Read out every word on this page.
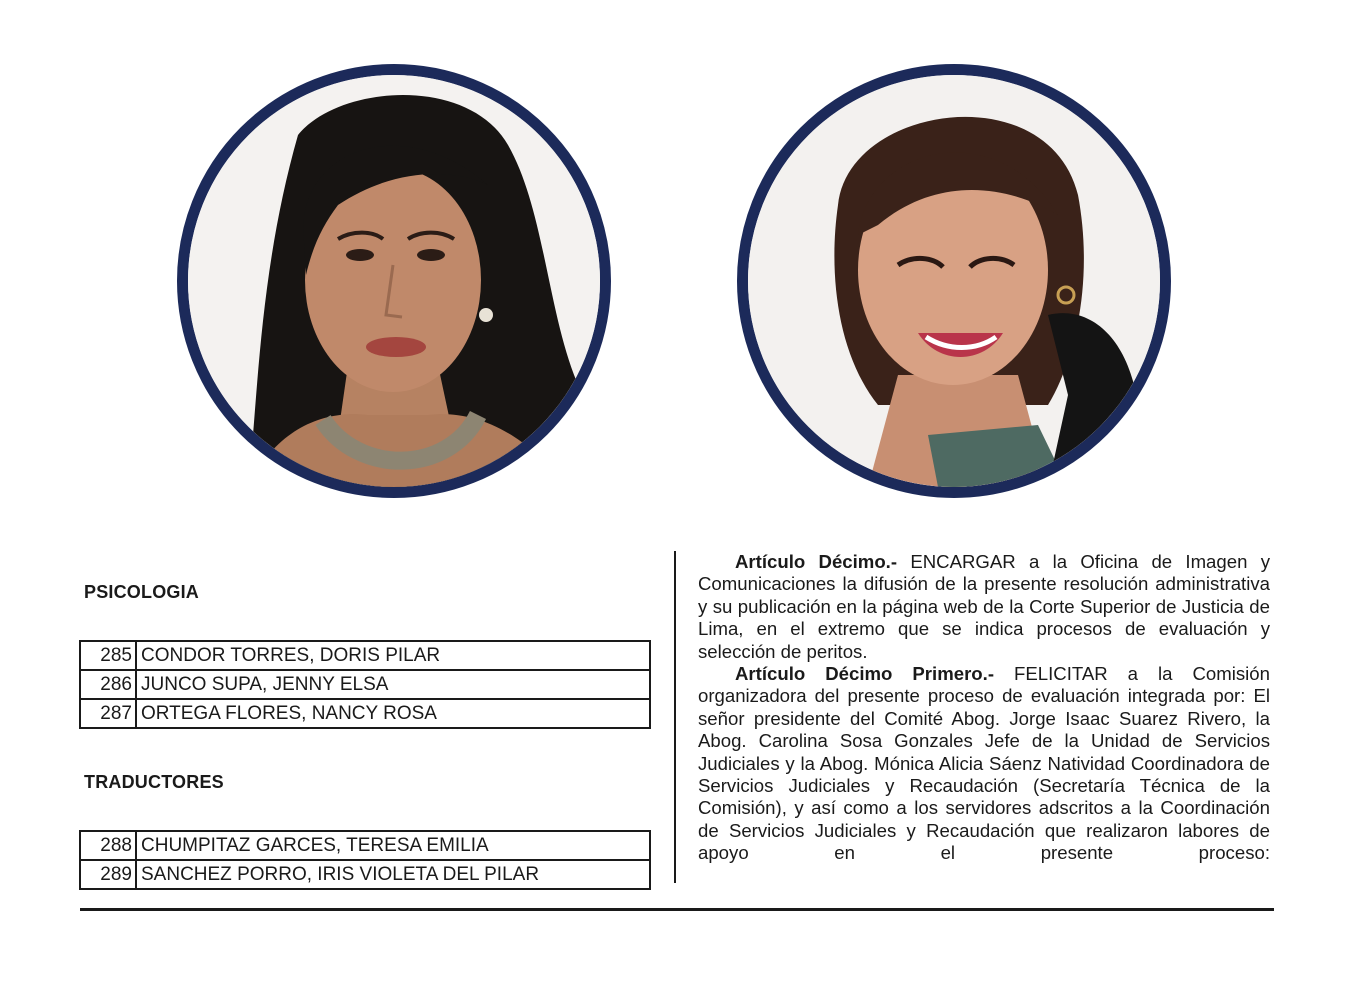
PSICOLOGIA
285	CONDOR TORRES, DORIS PILAR
286	JUNCO SUPA, JENNY ELSA
287	ORTEGA FLORES, NANCY ROSA
TRADUCTORES
288	CHUMPITAZ GARCES, TERESA EMILIA
289	SANCHEZ PORRO, IRIS VIOLETA DEL PILAR

Artículo Décimo.- ENCARGAR a la Oficina de Imagen y Comunicaciones la difusión de la presente resolución administrativa y su publicación en la página web de la Corte Superior de Justicia de Lima, en el extremo que se indica procesos de evaluación y selección de peritos.

Artículo Décimo Primero.- FELICITAR a la Comisión organizadora del presente proceso de evaluación integrada por: El señor presidente del Comité Abog. Jorge Isaac Suarez Rivero, la Abog. Carolina Sosa Gonzales Jefe de la Unidad de Servicios Judiciales y la Abog. Mónica Alicia Sáenz Natividad Coordinadora de Servicios Judiciales y Recaudación (Secretaría Técnica de la Comisión), y así como a los servidores adscritos a la Coordinación de Servicios Judiciales y Recaudación que realizaron labores de apoyo en el presente proceso:
